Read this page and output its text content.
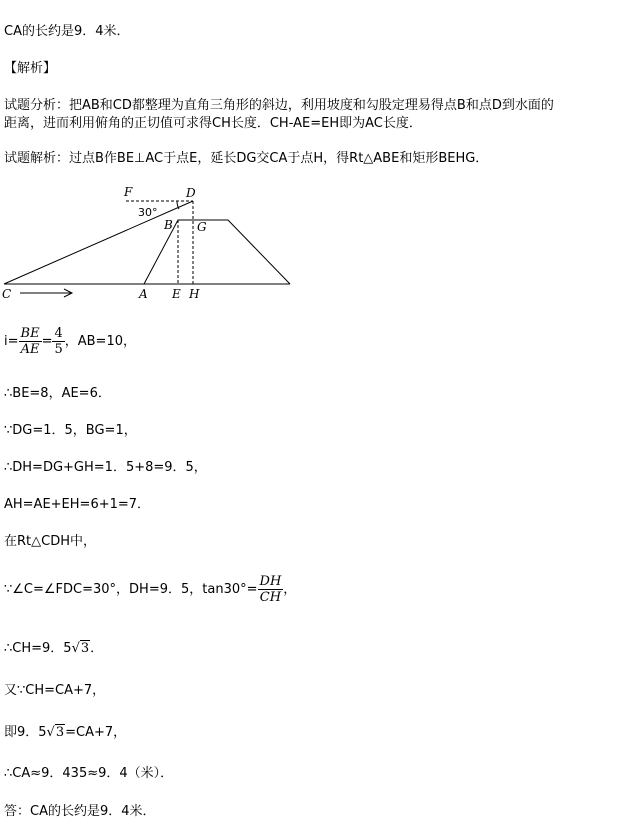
CA的长约是9．4米．
【解析】
试题分析：把AB和CD都整理为直角三角形的斜边，利用坡度和勾股定理易得点B和点D到水面的
距离，进而利用俯角的正切值可求得CH长度．CH-AE=EH即为AC长度．
试题解析：过点B作BE⊥AC于点E，延长DG交CA于点H，得Rt△ABE和矩形BEHG．
F	D
30°
B G
C	A E H
$i= \frac{BE}{AE} = \frac{4}{5}$ ，AB=10，
∴BE=8，AE=6．
∵DG=1．5，BG=1，
∴DH=DG+GH=1．5+8=9．5，
AH=AE+EH=6+1=7．
在Rt△CDH中，
∵∠C=∠FDC=30°，DH=9．5，$\tan 30^\circ= \frac{DH}{CH}$ ，
∴CH=9．5√3．
又∵CH=CA+7，
即9．5√3=CA+7，
∴CA≈9．435≈9．4（米）．
答：CA的长约是9．4米．
